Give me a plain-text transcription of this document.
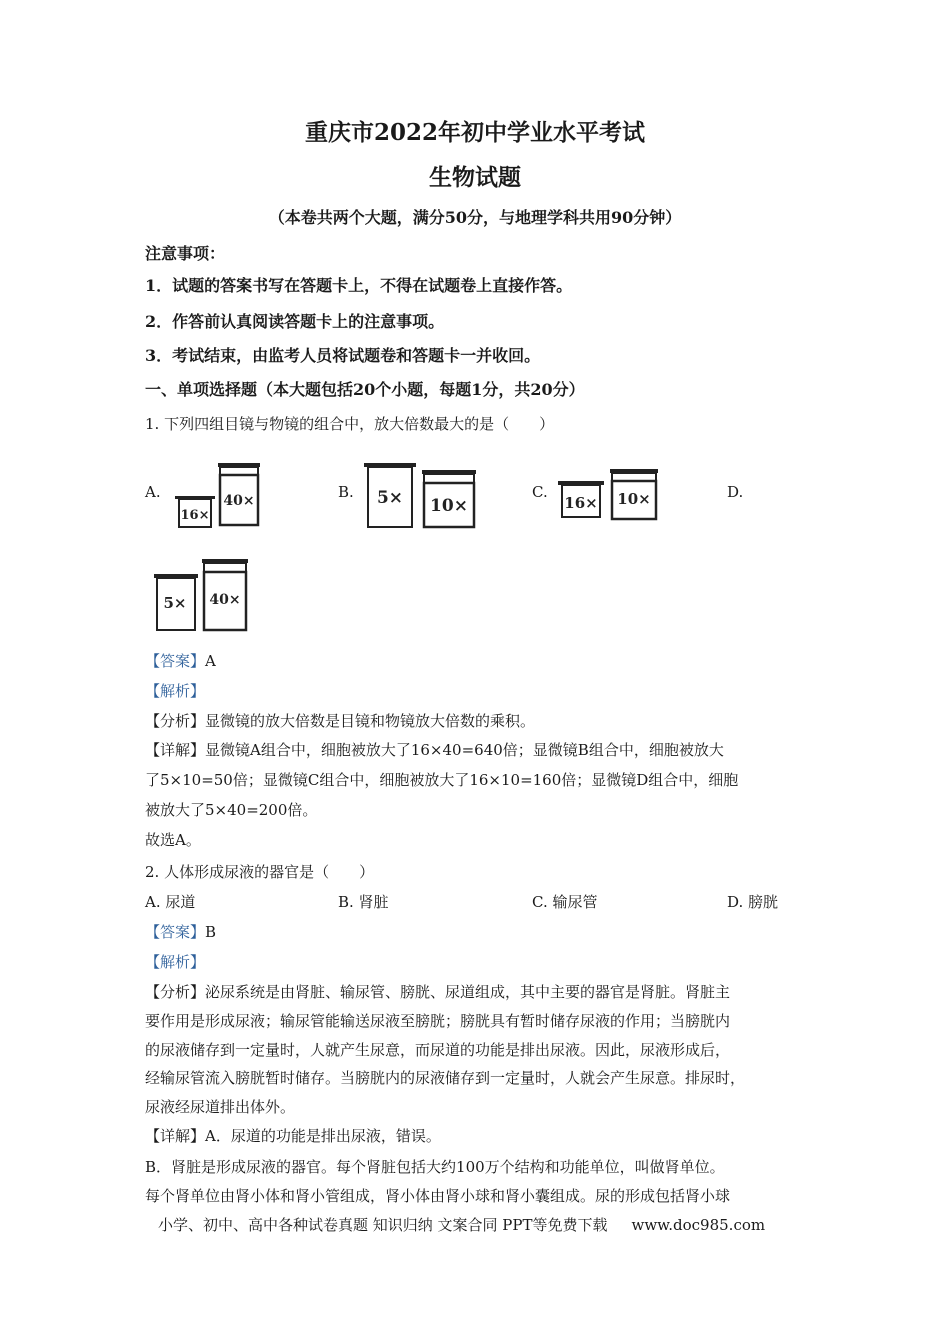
重庆市2022年初中学业水平考试
生物试题
（本卷共两个大题，满分50分，与地理学科共用90分钟）
注意事项：
1．试题的答案书写在答题卡上，不得在试题卷上直接作答。
2．作答前认真阅读答题卡上的注意事项。
3．考试结束，由监考人员将试题卷和答题卡一并收回。
一、单项选择题（本大题包括20个小题，每题1分，共20分）
1. 下列四组目镜与物镜的组合中，放大倍数最大的是（　　）
A.
16×
40×	B. 5× 10×
C.
16× 10×	D.
5× 40×
【答案】A
【解析】
【分析】显微镜的放大倍数是目镜和物镜放大倍数的乘积。
【详解】显微镜A组合中，细胞被放大了16×40=640倍；显微镜B组合中，细胞被放大
了5×10=50倍；显微镜C组合中，细胞被放大了16×10=160倍；显微镜D组合中，细胞
被放大了5×40=200倍。
故选A。
2. 人体形成尿液的器官是（　　）
A. 尿道	B. 肾脏	C. 输尿管	D. 膀胱
【答案】B
【解析】
【分析】泌尿系统是由肾脏、输尿管、膀胱、尿道组成，其中主要的器官是肾脏。肾脏主
要作用是形成尿液；输尿管能输送尿液至膀胱；膀胱具有暂时储存尿液的作用；当膀胱内
的尿液储存到一定量时，人就产生尿意，而尿道的功能是排出尿液。因此，尿液形成后，
经输尿管流入膀胱暂时储存。当膀胱内的尿液储存到一定量时，人就会产生尿意。排尿时，
尿液经尿道排出体外。
【详解】A．尿道的功能是排出尿液，错误。
B．肾脏是形成尿液的器官。每个肾脏包括大约100万个结构和功能单位，叫做肾单位。
每个肾单位由肾小体和肾小管组成，肾小体由肾小球和肾小囊组成。尿的形成包括肾小球
小学、初中、高中各种试卷真题 知识归纳 文案合同 PPT等免费下载 www.doc985.com
